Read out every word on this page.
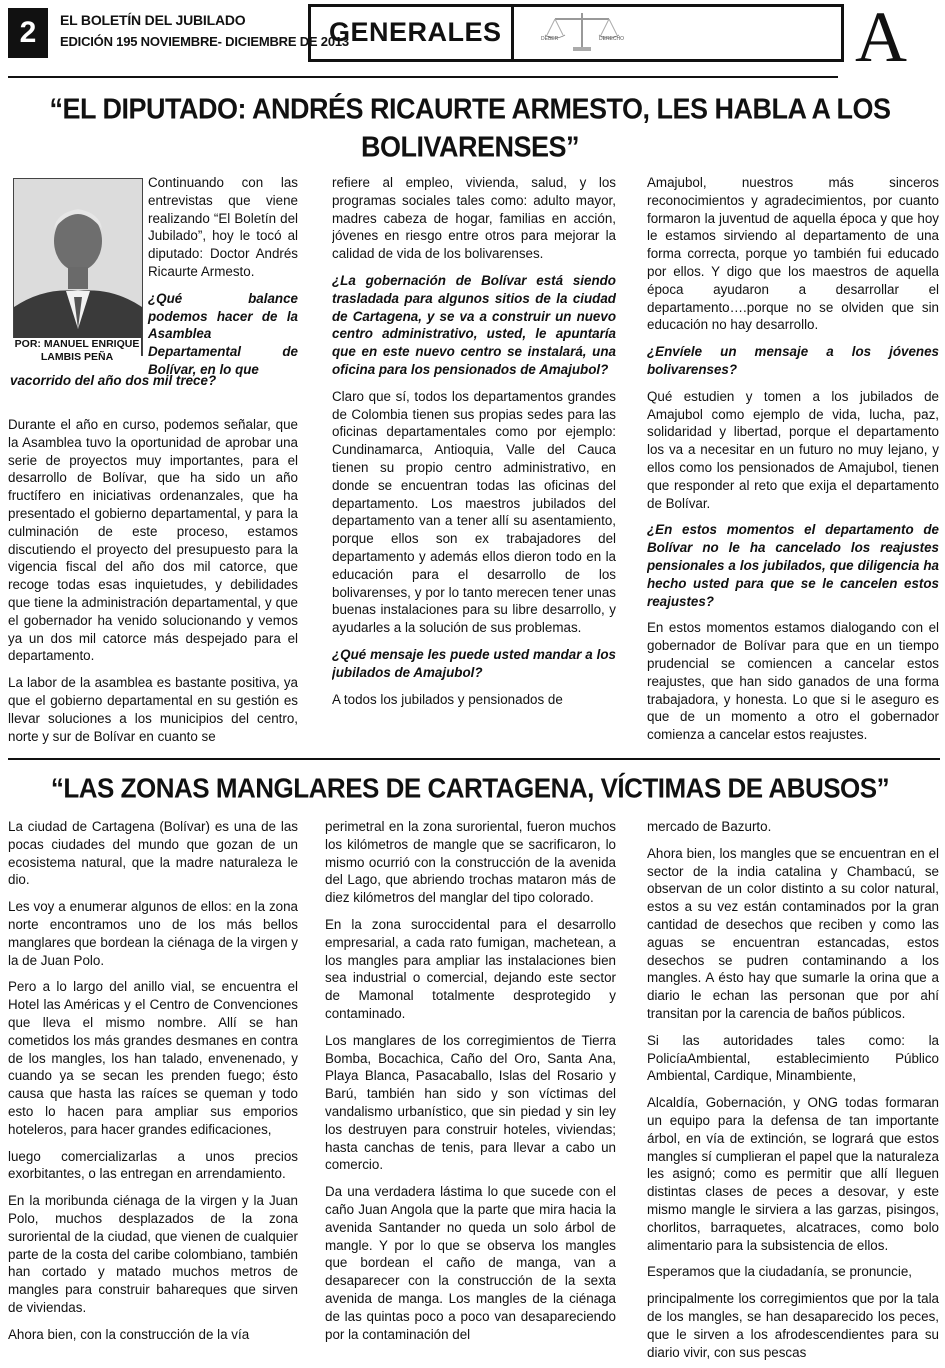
2	EL BOLETÍN DEL JUBILADO
EDICIÓN 195 NOVIEMBRE- DICIEMBRE DE 2013
GENERALES	DEBER	DERECHO	A
“EL DIPUTADO: ANDRÉS RICAURTE ARMESTO, LES HABLA A LOS BOLIVARENSES”
POR: MANUEL ENRIQUE LAMBIS PEÑA

Continuando con las entrevistas que viene realizando “El Boletín del Jubilado”, hoy le tocó al diputado: Doctor Andrés Ricaurte Armesto.

¿Qué balance podemos hacer de la Asamblea Departamental de Bolívar, en lo que

vacorrido del año dos mil trece?

Durante el año en curso, podemos señalar, que la Asamblea tuvo la oportunidad de aprobar una serie de proyectos muy importantes, para el desarrollo de Bolívar, que ha sido un año fructífero en iniciativas ordenanzales, que ha presentado el gobierno departamental, y para la culminación de este proceso, estamos discutiendo el proyecto del presupuesto para la vigencia fiscal del año dos mil catorce, que recoge todas esas inquietudes, y debilidades que tiene la administración departamental, y que el gobernador ha venido solucionando y vemos ya un dos mil catorce más despejado para el departamento.

La labor de la asamblea es bastante positiva, ya que el gobierno departamental en su gestión es llevar soluciones a los municipios del centro, norte y sur de Bolívar en cuanto se

refiere al empleo, vivienda, salud, y los programas sociales tales como: adulto mayor, madres cabeza de hogar, familias en acción, jóvenes en riesgo entre otros para mejorar la calidad de vida de los bolivarenses.

¿La gobernación de Bolívar está siendo trasladada para algunos sitios de la ciudad de Cartagena, y se va a construir un nuevo centro administrativo, usted, le apuntaría que en este nuevo centro se instalará, una oficina para los pensionados de Amajubol?

Claro que sí, todos los departamentos grandes de Colombia tienen sus propias sedes para las oficinas departamentales como por ejemplo: Cundinamarca, Antioquia, Valle del Cauca tienen su propio centro administrativo, en donde se encuentran todas las oficinas del departamento. Los maestros jubilados del departamento van a tener allí su asentamiento, porque ellos son ex trabajadores del departamento y además ellos dieron todo en la educación para el desarrollo de los bolivarenses, y por lo tanto merecen tener unas buenas instalaciones para su libre desarrollo, y ayudarles a la solución de sus problemas.

¿Qué mensaje les puede usted mandar a los jubilados de Amajubol?

A todos los jubilados y pensionados de

Amajubol, nuestros más sinceros reconocimientos y agradecimientos, por cuanto formaron la juventud de aquella época y que hoy le estamos sirviendo al departamento de una forma correcta, porque yo también fui educado por ellos. Y digo que los maestros de aquella época ayudaron a desarrollar el departamento….porque no se olviden que sin educación no hay desarrollo.

¿Envíele un mensaje a los jóvenes bolivarenses?

Qué estudien y tomen a los jubilados de Amajubol como ejemplo de vida, lucha, paz, solidaridad y libertad, porque el departamento los va a necesitar en un futuro no muy lejano, y ellos como los pensionados de Amajubol, tienen que responder al reto que exija el departamento de Bolívar.

¿En estos momentos el departamento de Bolívar no le ha cancelado los reajustes pensionales a los jubilados, que diligencia ha hecho usted para que se le cancelen estos reajustes?

En estos momentos estamos dialogando con el gobernador de Bolívar para que en un tiempo prudencial se comiencen a cancelar estos reajustes, que han sido ganados de una forma trabajadora, y honesta. Lo que si le aseguro es que de un momento a otro el gobernador comienza a cancelar estos reajustes.

“LAS ZONAS MANGLARES DE CARTAGENA, VÍCTIMAS DE ABUSOS”

La ciudad de Cartagena (Bolívar) es una de las pocas ciudades del mundo que gozan de un ecosistema natural, que la madre naturaleza le dio.

Les voy a enumerar algunos de ellos: en la zona norte encontramos uno de los más bellos manglares que bordean la ciénaga de la virgen y la de Juan Polo.

Pero a lo largo del anillo vial, se encuentra el Hotel las Américas y el Centro de Convenciones que lleva el mismo nombre. Allí se han cometidos los más grandes desmanes en contra de los mangles, los han talado, envenenado, y cuando ya se secan les prenden fuego; ésto causa que hasta las raíces se queman y todo esto lo hacen para ampliar sus emporios hoteleros, para hacer grandes edificaciones,

luego comercializarlas a unos precios exorbitantes, o las entregan en arrendamiento.

En la moribunda ciénaga de la virgen y la Juan Polo, muchos desplazados de la zona suroriental de la ciudad, que vienen de cualquier parte de la costa del caribe colombiano, también han cortado y matado muchos metros de mangles para construir bahareques que sirven de viviendas.

Ahora bien, con la construcción de la vía

perimetral en la zona suroriental, fueron muchos los kilómetros de mangle que se sacrificaron, lo mismo ocurrió con la construcción de la avenida del Lago, que abriendo trochas mataron más de diez kilómetros del manglar del tipo colorado.

En la zona suroccidental para el desarrollo empresarial, a cada rato fumigan, machetean, a los mangles para ampliar las instalaciones bien sea industrial o comercial, dejando este sector de Mamonal totalmente desprotegido y contaminado.

Los manglares de los corregimientos de Tierra Bomba, Bocachica, Caño del Oro, Santa Ana, Playa Blanca, Pasacaballo, Islas del Rosario y Barú, también han sido y son víctimas del vandalismo urbanístico, que sin piedad y sin ley los destruyen para construir hoteles, viviendas; hasta canchas de tenis, para llevar a cabo un comercio.

Da una verdadera lástima lo que sucede con el caño Juan Angola que la parte que mira hacia la avenida Santander no queda un solo árbol de mangle. Y por lo que se observa los mangles que bordean el caño de manga, van a desaparecer con la construcción de la sexta avenida de manga. Los mangles de la ciénaga de las quintas poco a poco van desapareciendo por la contaminación del

mercado de Bazurto.

Ahora bien, los mangles que se encuentran en el sector de la india catalina y Chambacú, se observan de un color distinto a su color natural, estos a su vez están contaminados por la gran cantidad de desechos que reciben y como las aguas se encuentran estancadas, estos desechos se pudren contaminando a los mangles. A ésto hay que sumarle la orina que a diario le echan las personan que por ahí transitan por la carencia de baños públicos.

Si las autoridades tales como: la PolicíaAmbiental, establecimiento Público Ambiental, Cardique, Minambiente,

Alcaldía, Gobernación, y ONG todas formaran un equipo para la defensa de tan importante árbol, en vía de extinción, se logrará que estos mangles sí cumplieran el papel que la naturaleza les asignó; como es permitir que allí lleguen distintas clases de peces a desovar, y este mismo mangle le sirviera a las garzas, pisingos, chorlitos, barraquetes, alcatraces, como bolo alimentario para la subsistencia de ellos.

Esperamos que la ciudadanía, se pronuncie,

principalmente los corregimientos que por la tala de los mangles, se han desaparecido los peces, que le sirven a los afrodescendientes para su diario vivir, con sus pescas
